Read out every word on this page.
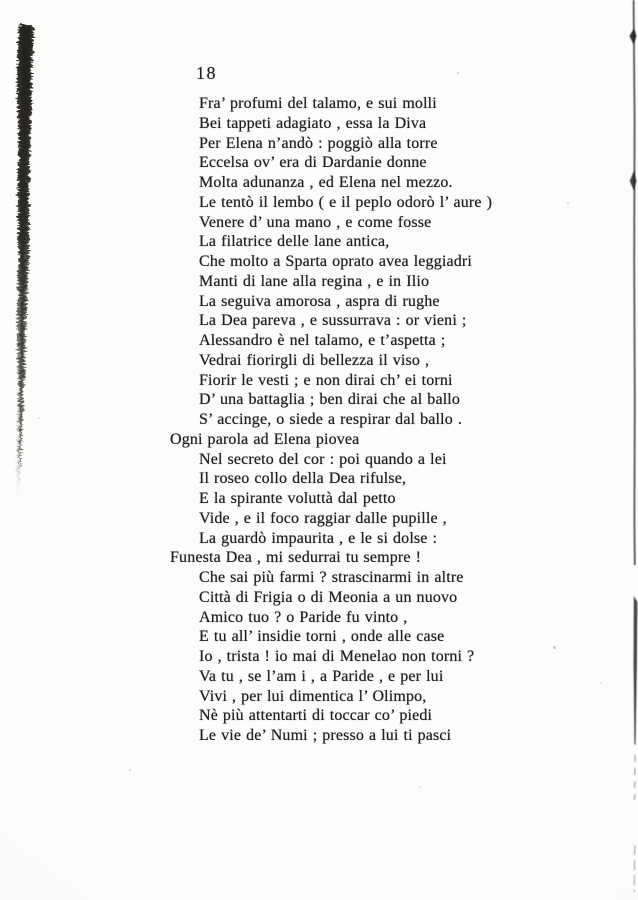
18
Fra’ profumi del talamo, e sui molli
Bei tappeti adagiato , essa la Diva
Per Elena n’andò : poggiò alla torre
Eccelsa ov’ era di Dardanie donne
Molta adunanza , ed Elena nel mezzo.
Le tentò il lembo ( e il peplo odorò l’ aure )
Venere d’ una mano , e come fosse
La filatrice delle lane antica,
Che molto a Sparta oprato avea leggiadri
Manti di lane alla regina , e in Ilio
La seguiva amorosa , aspra di rughe
La Dea pareva , e sussurrava : or vieni ;
Alessandro è nel talamo, e t’aspetta ;
Vedrai fiorirgli di bellezza il viso ,
Fiorir le vesti ; e non dirai ch’ ei torni
D’ una battaglia ; ben dirai che al ballo
S’ accinge, o siede a respirar dal ballo .
Ogni parola ad Elena piovea
Nel secreto del cor : poi quando a lei
Il roseo collo della Dea rifulse,
E la spirante voluttà dal petto
Vide , e il foco raggiar dalle pupille ,
La guardò impaurita , e le si dolse :
Funesta Dea , mi sedurrai tu sempre !
Che sai più farmi ? strascinarmi in altre
Città di Frigia o di Meonia a un nuovo
Amico tuo ? o Paride fu vinto ,
E tu all’ insidie torni , onde alle case
Io , trista ! io mai di Menelao non torni ?
Va tu , se l’am i , a Paride , e per lui
Vivi , per lui dimentica l’ Olimpo,
Nè più attentarti di toccar co’ piedi
Le vie de’ Numi ; presso a lui ti pasci
